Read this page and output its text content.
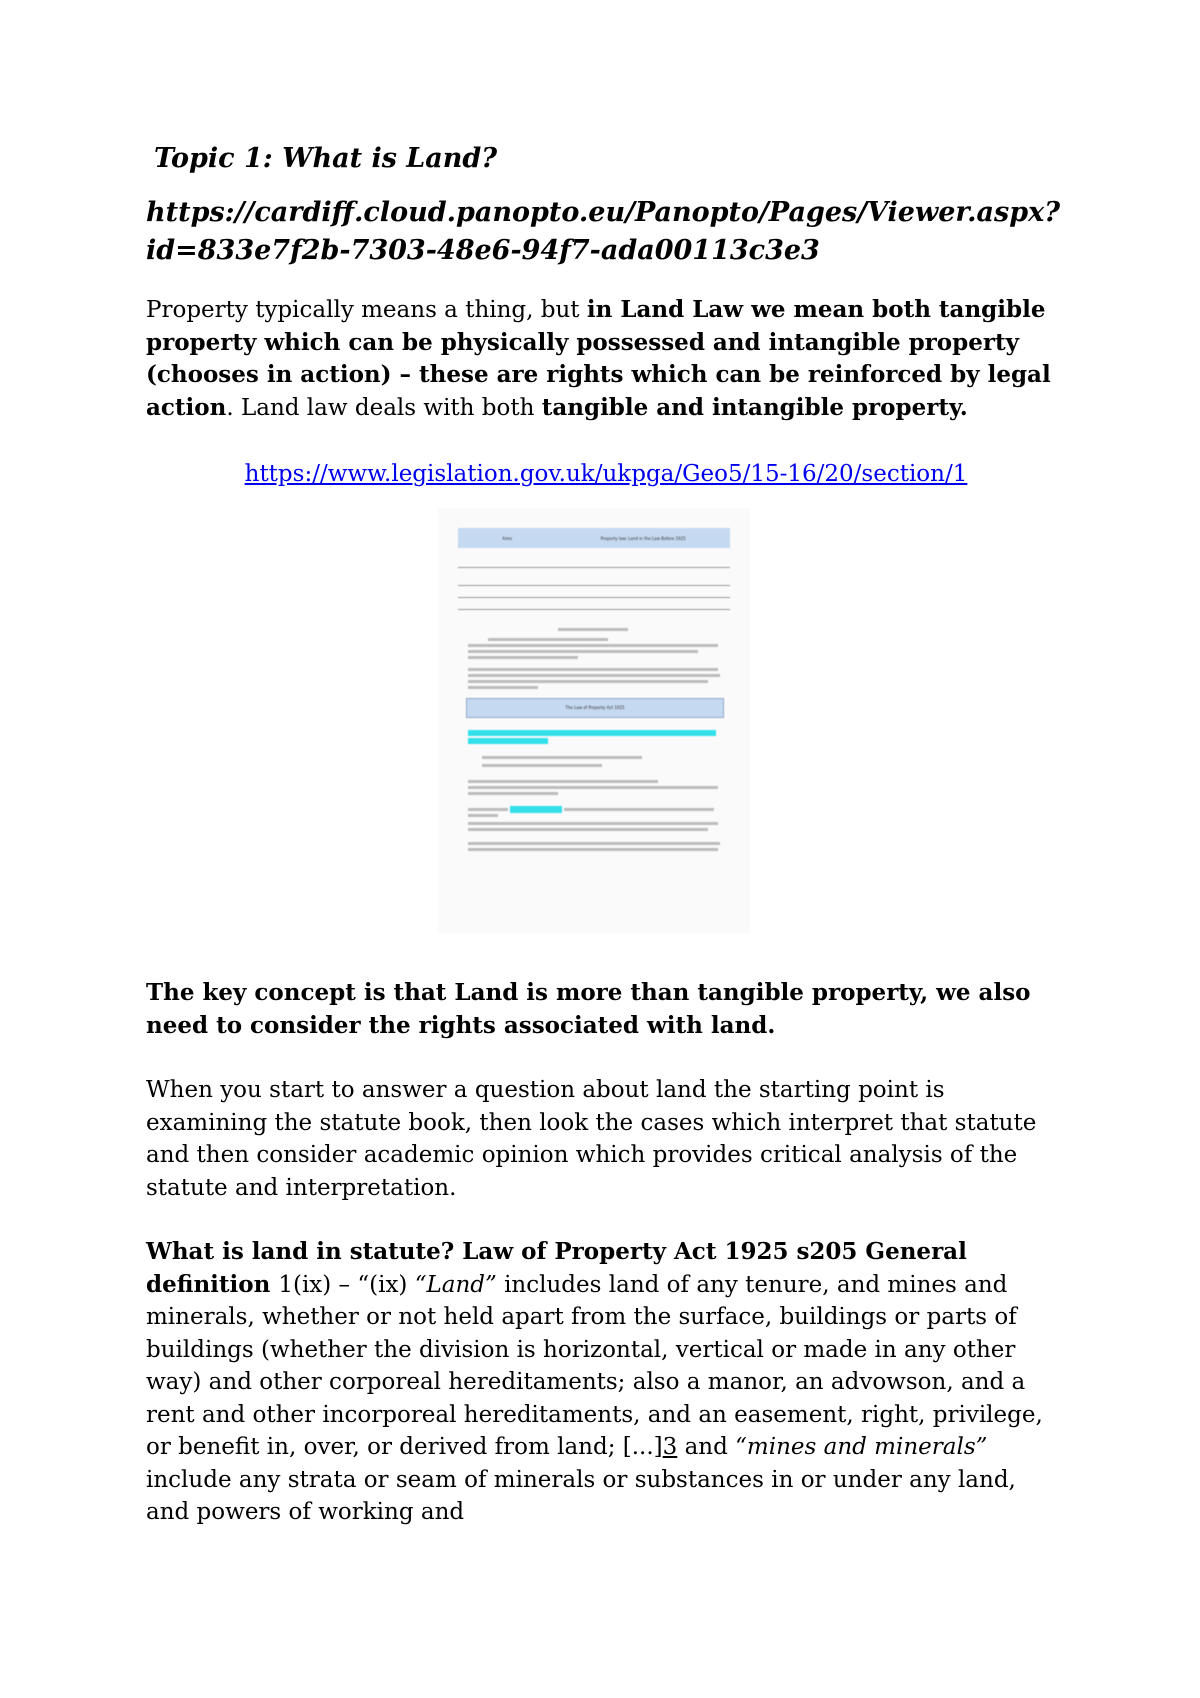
Topic 1: What is Land?
https://cardiff.cloud.panopto.eu/Panopto/Pages/Viewer.aspx?id=833e7f2b-7303-48e6-94f7-ada00113c3e3

Property typically means a thing, but in Land Law we mean both tangible property which can be physically possessed and intangible property (chooses in action) – these are rights which can be reinforced by legal action. Land law deals with both tangible and intangible property.

https://www.legislation.gov.uk/ukpga/Geo5/15-16/20/section/1
Aims	Property law: Land in the Law Before 1925
The Law of Property Act 1925

The key concept is that Land is more than tangible property, we also need to consider the rights associated with land.

When you start to answer a question about land the starting point is examining the statute book, then look the cases which interpret that statute and then consider academic opinion which provides critical analysis of the statute and interpretation.

What is land in statute? Law of Property Act 1925 s205 General definition 1(ix) – “(ix) “Land” includes land of any tenure, and mines and minerals, whether or not held apart from the surface, buildings or parts of buildings (whether the division is horizontal, vertical or made in any other way) and other corporeal hereditaments; also a manor, an advowson, and a rent and other incorporeal hereditaments, and an easement, right, privilege, or benefit in, over, or derived from land; [...]3 and “mines and minerals” include any strata or seam of minerals or substances in or under any land, and powers of working and
